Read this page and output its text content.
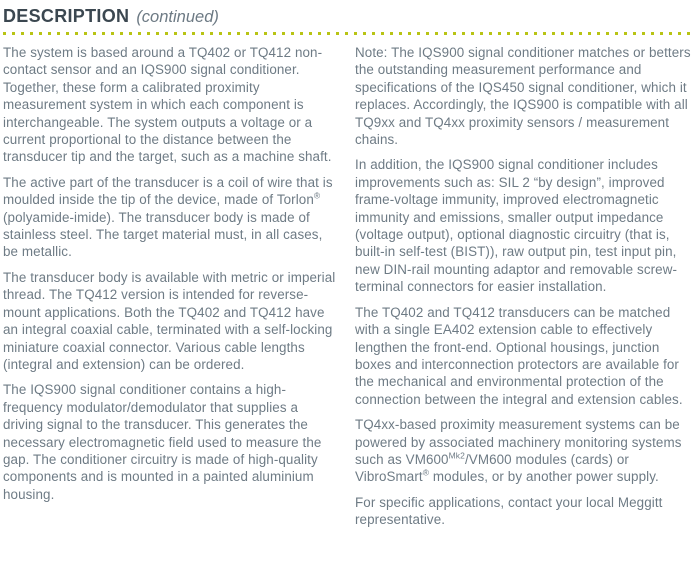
DESCRIPTION (continued)

The system is based around a TQ402 or TQ412 non-contact sensor and an IQS900 signal conditioner. Together, these form a calibrated proximity measurement system in which each component is interchangeable. The system outputs a voltage or a current proportional to the distance between the transducer tip and the target, such as a machine shaft.

The active part of the transducer is a coil of wire that is moulded inside the tip of the device, made of Torlon® (polyamide-imide). The transducer body is made of stainless steel. The target material must, in all cases, be metallic.

The transducer body is available with metric or imperial thread. The TQ412 version is intended for reverse-mount applications. Both the TQ402 and TQ412 have an integral coaxial cable, terminated with a self-locking miniature coaxial connector. Various cable lengths (integral and extension) can be ordered.

The IQS900 signal conditioner contains a high-frequency modulator/demodulator that supplies a driving signal to the transducer. This generates the necessary electromagnetic field used to measure the gap. The conditioner circuitry is made of high-quality components and is mounted in a painted aluminium housing.

Note: The IQS900 signal conditioner matches or betters the outstanding measurement performance and specifications of the IQS450 signal conditioner, which it replaces. Accordingly, the IQS900 is compatible with all TQ9xx and TQ4xx proximity sensors / measurement chains.

In addition, the IQS900 signal conditioner includes improvements such as: SIL 2 “by design”, improved frame-voltage immunity, improved electromagnetic immunity and emissions, smaller output impedance (voltage output), optional diagnostic circuitry (that is, built-in self-test (BIST)), raw output pin, test input pin, new DIN-rail mounting adaptor and removable screw-terminal connectors for easier installation.

The TQ402 and TQ412 transducers can be matched with a single EA402 extension cable to effectively lengthen the front-end. Optional housings, junction boxes and interconnection protectors are available for the mechanical and environmental protection of the connection between the integral and extension cables.

TQ4xx-based proximity measurement systems can be powered by associated machinery monitoring systems such as $VM600^{Mk2}/VM600$ modules (cards) or VibroSmart® modules, or by another power supply.

For specific applications, contact your local Meggitt representative.
